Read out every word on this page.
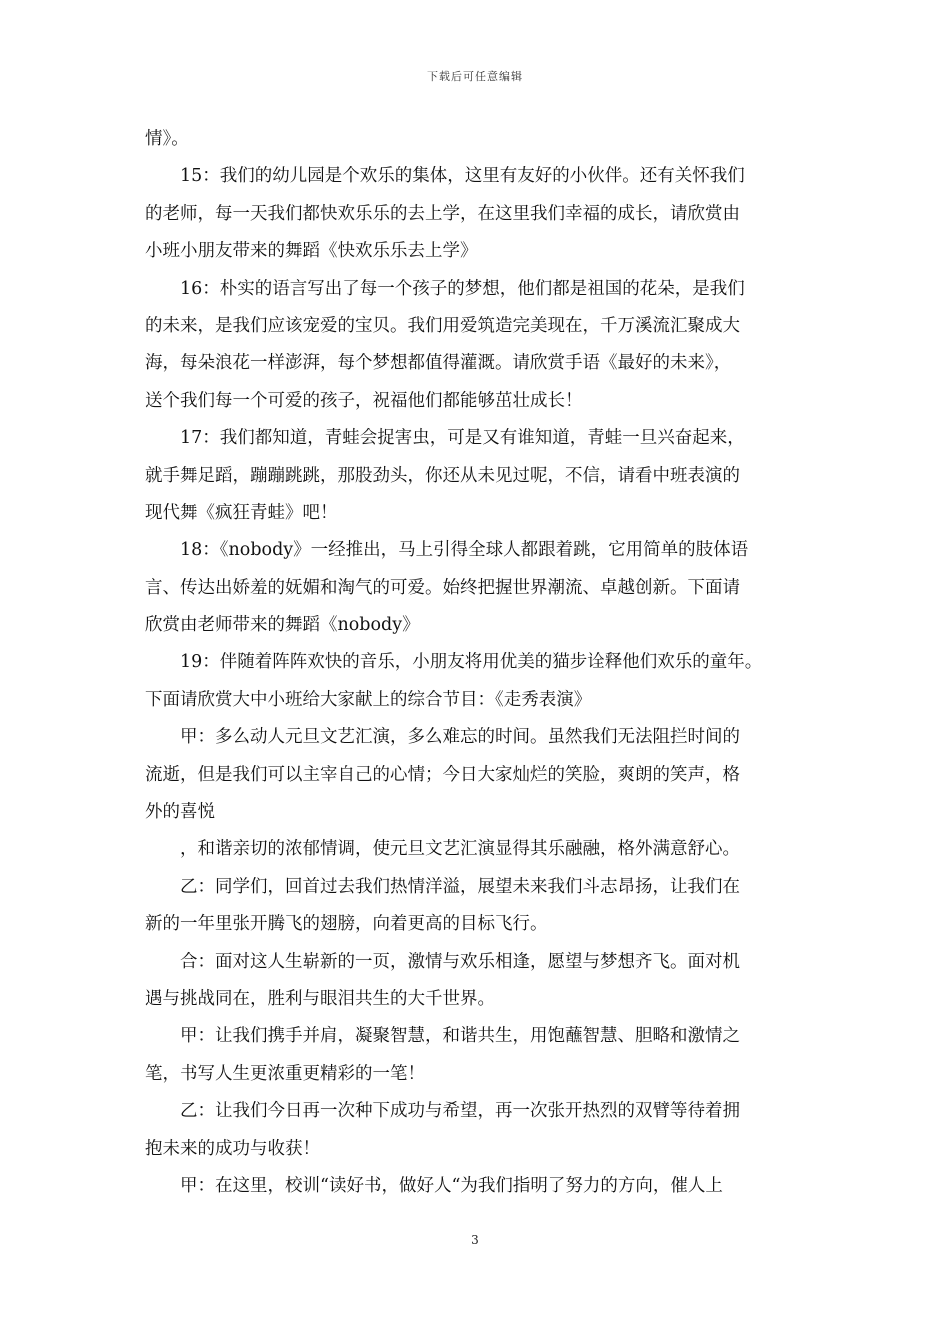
下载后可任意编辑
情》。
15：我们的幼儿园是个欢乐的集体，这里有友好的小伙伴。还有关怀我们
的老师，每一天我们都快欢乐乐的去上学，在这里我们幸福的成长，请欣赏由
小班小朋友带来的舞蹈《快欢乐乐去上学》
16：朴实的语言写出了每一个孩子的梦想，他们都是祖国的花朵，是我们
的未来，是我们应该宠爱的宝贝。我们用爱筑造完美现在，千万溪流汇聚成大
海，每朵浪花一样澎湃，每个梦想都值得灌溉。请欣赏手语《最好的未来》，
送个我们每一个可爱的孩子，祝福他们都能够茁壮成长！
17：我们都知道，青蛙会捉害虫，可是又有谁知道，青蛙一旦兴奋起来，
就手舞足蹈，蹦蹦跳跳，那股劲头，你还从未见过呢，不信，请看中班表演的
现代舞《疯狂青蛙》吧！
18：《nobody》一经推出，马上引得全球人都跟着跳，它用简单的肢体语
言、传达出娇羞的妩媚和淘气的可爱。始终把握世界潮流、卓越创新。下面请
欣赏由老师带来的舞蹈《nobody》
19：伴随着阵阵欢快的音乐，小朋友将用优美的猫步诠释他们欢乐的童年。
下面请欣赏大中小班给大家献上的综合节目：《走秀表演》
甲：多么动人元旦文艺汇演，多么难忘的时间。虽然我们无法阻拦时间的
流逝，但是我们可以主宰自己的心情；今日大家灿烂的笑脸，爽朗的笑声，格
外的喜悦
，和谐亲切的浓郁情调，使元旦文艺汇演显得其乐融融，格外满意舒心。
乙：同学们，回首过去我们热情洋溢，展望未来我们斗志昂扬，让我们在
新的一年里张开腾飞的翅膀，向着更高的目标飞行。
合：面对这人生崭新的一页，激情与欢乐相逢，愿望与梦想齐飞。面对机
遇与挑战同在，胜利与眼泪共生的大千世界。
甲：让我们携手并肩，凝聚智慧，和谐共生，用饱蘸智慧、胆略和激情之
笔，书写人生更浓重更精彩的一笔！
乙：让我们今日再一次种下成功与希望，再一次张开热烈的双臂等待着拥
抱未来的成功与收获！
甲：在这里，校训“读好书，做好人“为我们指明了努力的方向，催人上
3
